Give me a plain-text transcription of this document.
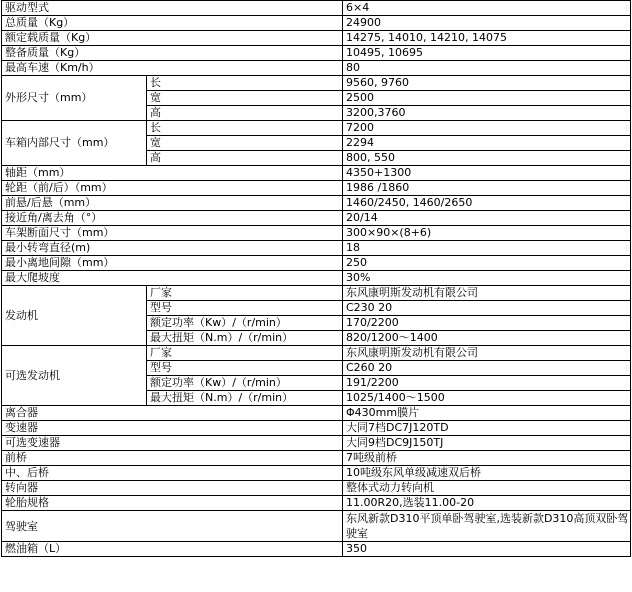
驱动型式		6×4
总质量（Kg）		24900
额定载质量（Kg）		14275, 14010, 14210, 14075
整备质量（Kg）		10495, 10695
最高车速（Km/h）		80
外形尺寸（mm）	长	9560, 9760
	宽	2500
	高	3200,3760
车箱内部尺寸（mm）	长	7200
	宽	2294
	高	800, 550
轴距（mm）		4350+1300
轮距（前/后）（mm）		1986 /1860
前悬/后悬（mm）		1460/2450, 1460/2650
接近角/离去角（°）		20/14
车架断面尺寸（mm）		300×90×(8+6)
最小转弯直径(m)		18
最小离地间隙（mm）		250
最大爬坡度		30%
发动机	厂家	东风康明斯发动机有限公司
	型号	C230 20
	额定功率（Kw）/（r/min）	170/2200
	最大扭矩（N.m）/（r/min）	820/1200～1400
可选发动机	厂家	东风康明斯发动机有限公司
	型号	C260 20
	额定功率（Kw）/（r/min）	191/2200
	最大扭矩（N.m）/（r/min）	1025/1400～1500
离合器		Φ430mm膜片
变速器		大同7档DC7J120TD
可选变速器		大同9档DC9J150TJ
前桥		7吨级前桥
中、后桥		10吨级东风单级减速双后桥
转向器		整体式动力转向机
轮胎规格		11.00R20,选装11.00-20
驾驶室		东风新款D310平顶单卧驾驶室,选装新款D310高顶双卧驾驶室
燃油箱（L）		350
